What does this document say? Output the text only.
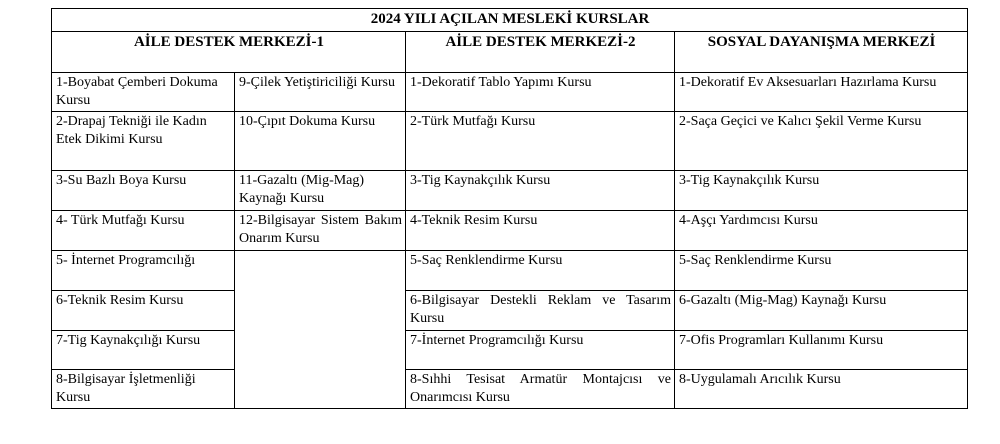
2024 YILI AÇILAN MESLEKİ KURSLAR			
AİLE DESTEK MERKEZİ-1		AİLE DESTEK MERKEZİ-2	SOSYAL DAYANIŞMA MERKEZİ
1-Boyabat Çemberi Dokuma Kursu	9-Çilek Yetiştiriciliği Kursu	1-Dekoratif Tablo Yapımı Kursu	1-Dekoratif Ev Aksesuarları Hazırlama Kursu
2-Drapaj Tekniği ile Kadın Etek Dikimi Kursu	10-Çıpıt Dokuma Kursu	2-Türk Mutfağı Kursu	2-Saça Geçici ve Kalıcı Şekil Verme Kursu
3-Su Bazlı Boya Kursu	11-Gazaltı (Mig-Mag) Kaynağı Kursu	3-Tig Kaynakçılık Kursu	3-Tig Kaynakçılık Kursu
4- Türk Mutfağı Kursu	12-Bilgisayar Sistem Bakım Onarım Kursu	4-Teknik Resim Kursu	4-Aşçı Yardımcısı Kursu
5- İnternet Programcılığı		5-Saç Renklendirme Kursu	5-Saç Renklendirme Kursu
6-Teknik Resim Kursu		6-Bilgisayar Destekli Reklam ve Tasarım Kursu	6-Gazaltı (Mig-Mag) Kaynağı Kursu
7-Tig Kaynakçılığı Kursu		7-İnternet Programcılığı Kursu	7-Ofis Programları Kullanımı Kursu
8-Bilgisayar İşletmenliği Kursu		8-Sıhhi Tesisat Armatür Montajcısı ve Onarımcısı Kursu	8-Uygulamalı Arıcılık Kursu
